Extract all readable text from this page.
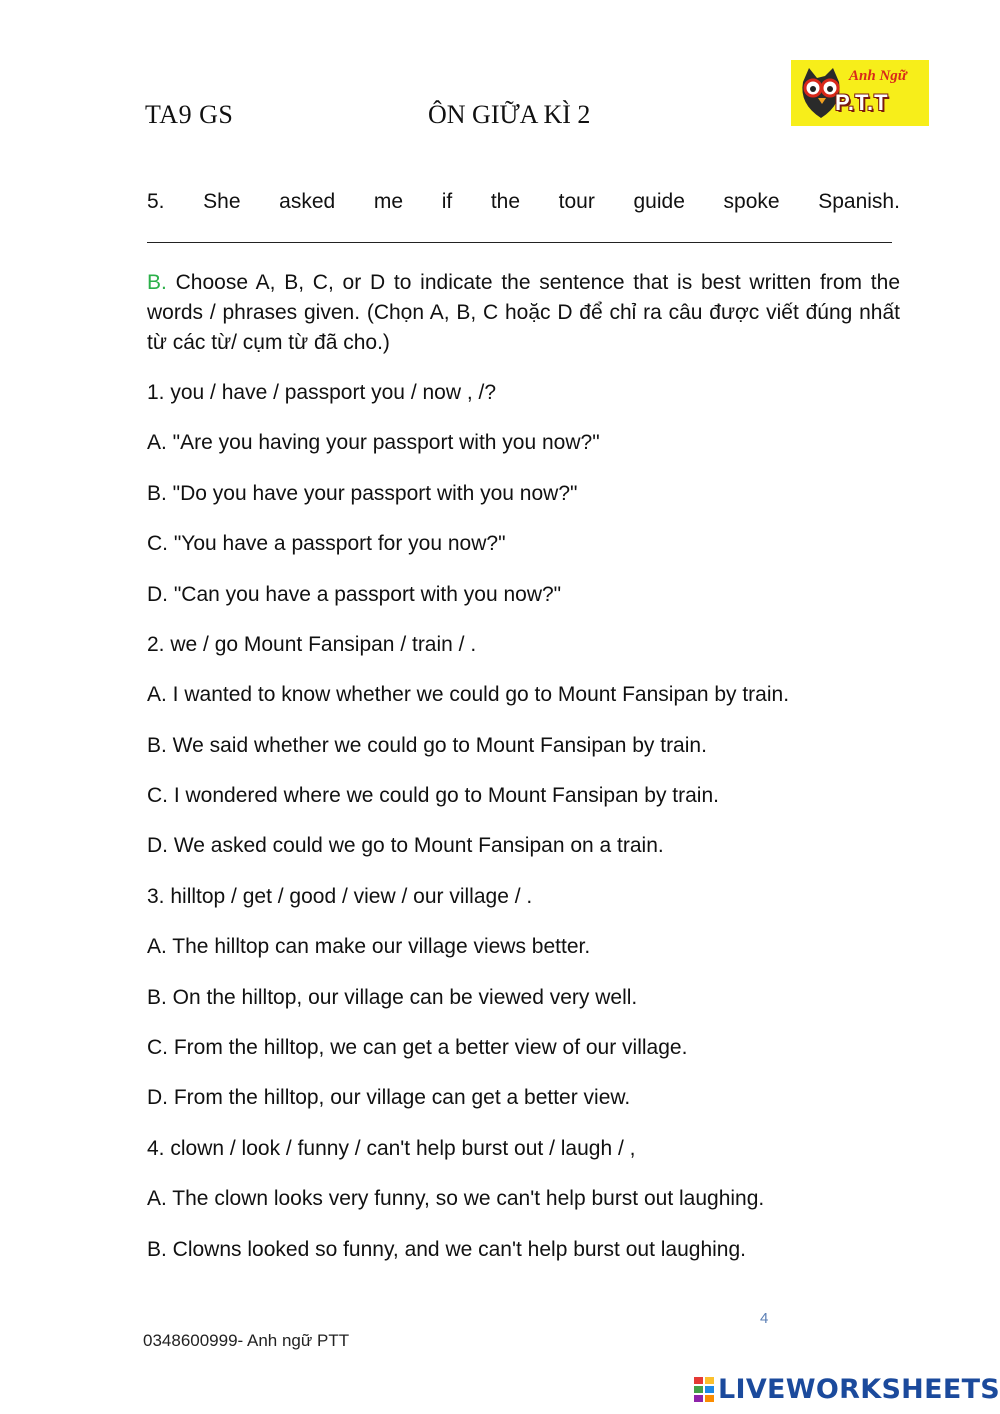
TA9 GS	ÔN GIỮA KÌ 2
Anh Ngữ
P.T.T
5. She asked me if the tour guide spoke Spanish.
B. Choose A, B, C, or D to indicate the sentence that is best written from the words / phrases given. (Chọn A, B, C hoặc D để chỉ ra câu được viết đúng nhất từ các từ/ cụm từ đã cho.)
1. you / have / passport you / now , /?
A. "Are you having your passport with you now?"
B. "Do you have your passport with you now?"
C. "You have a passport for you now?"
D. "Can you have a passport with you now?"
2. we / go Mount Fansipan / train / .
A. I wanted to know whether we could go to Mount Fansipan by train.
B. We said whether we could go to Mount Fansipan by train.
C. I wondered where we could go to Mount Fansipan by train.
D. We asked could we go to Mount Fansipan on a train.
3. hilltop / get / good / view / our village / .
A. The hilltop can make our village views better.
B. On the hilltop, our village can be viewed very well.
C. From the hilltop, we can get a better view of our village.
D. From the hilltop, our village can get a better view.
4. clown / look / funny / can't help burst out / laugh / ,
A. The clown looks very funny, so we can't help burst out laughing.
B. Clowns looked so funny, and we can't help burst out laughing.
4
0348600999- Anh ngữ PTT
LIVEWORKSHEETS
